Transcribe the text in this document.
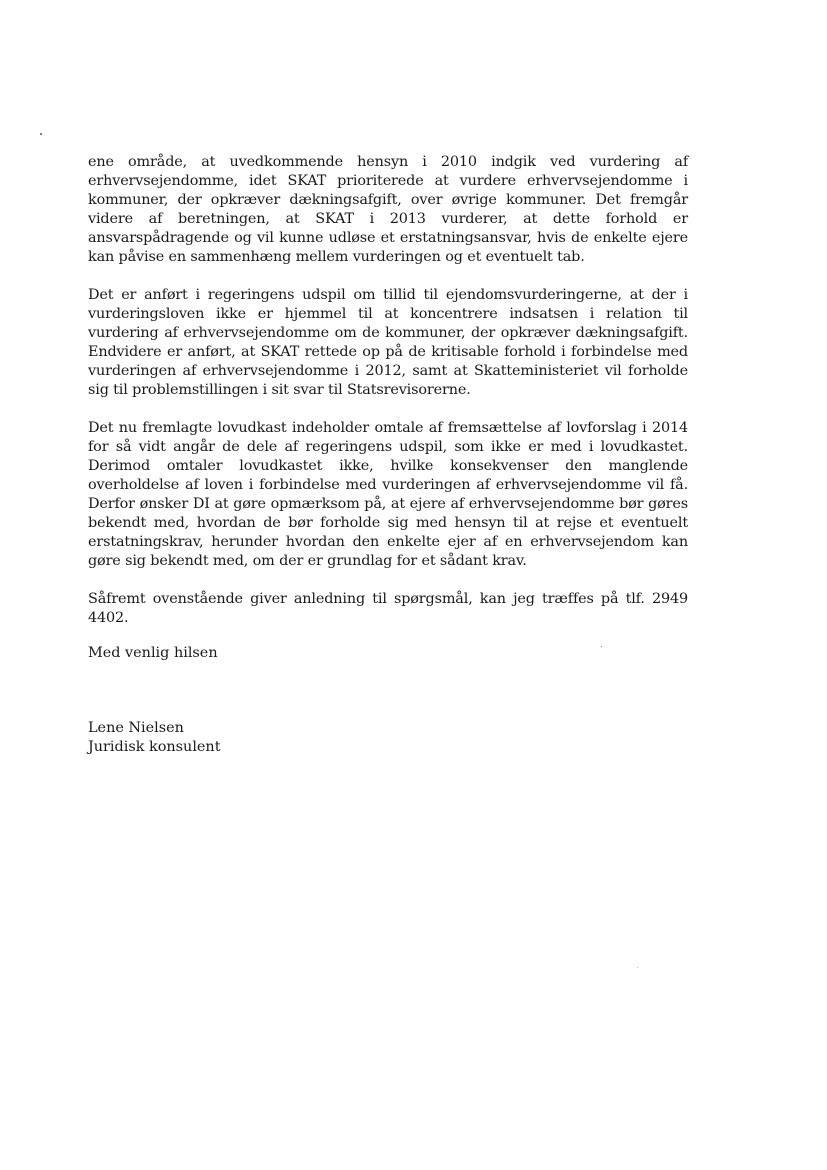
ene område, at uvedkommende hensyn i 2010 indgik ved vurdering af erhvervsejendomme, idet SKAT prioriterede at vurdere erhvervsejendomme i kommuner, der opkræver dækningsafgift, over øvrige kommuner. Det fremgår videre af beretningen, at SKAT i 2013 vurderer, at dette forhold er ansvarspådragende og vil kunne udløse et erstatningsansvar, hvis de enkelte ejere kan påvise en sammenhæng mellem vurderingen og et eventuelt tab.

Det er anført i regeringens udspil om tillid til ejendomsvurderingerne, at der i vurderingsloven ikke er hjemmel til at koncentrere indsatsen i relation til vurdering af erhvervsejendomme om de kommuner, der opkræver dækningsafgift. Endvidere er anført, at SKAT rettede op på de kritisable forhold i forbindelse med vurderingen af erhvervsejendomme i 2012, samt at Skatteministeriet vil forholde sig til problemstillingen i sit svar til Statsrevisorerne.

Det nu fremlagte lovudkast indeholder omtale af fremsættelse af lovforslag i 2014 for så vidt angår de dele af regeringens udspil, som ikke er med i lovudkastet. Derimod omtaler lovudkastet ikke, hvilke konsekvenser den manglende overholdelse af loven i forbindelse med vurderingen af erhvervsejendomme vil få. Derfor ønsker DI at gøre opmærksom på, at ejere af erhvervsejendomme bør gøres bekendt med, hvordan de bør forholde sig med hensyn til at rejse et eventuelt erstatningskrav, herunder hvordan den enkelte ejer af en erhvervsejendom kan gøre sig bekendt med, om der er grundlag for et sådant krav.

Såfremt ovenstående giver anledning til spørgsmål, kan jeg træffes på tlf. 2949 4402.

Med venlig hilsen
Lene Nielsen
Juridisk konsulent
